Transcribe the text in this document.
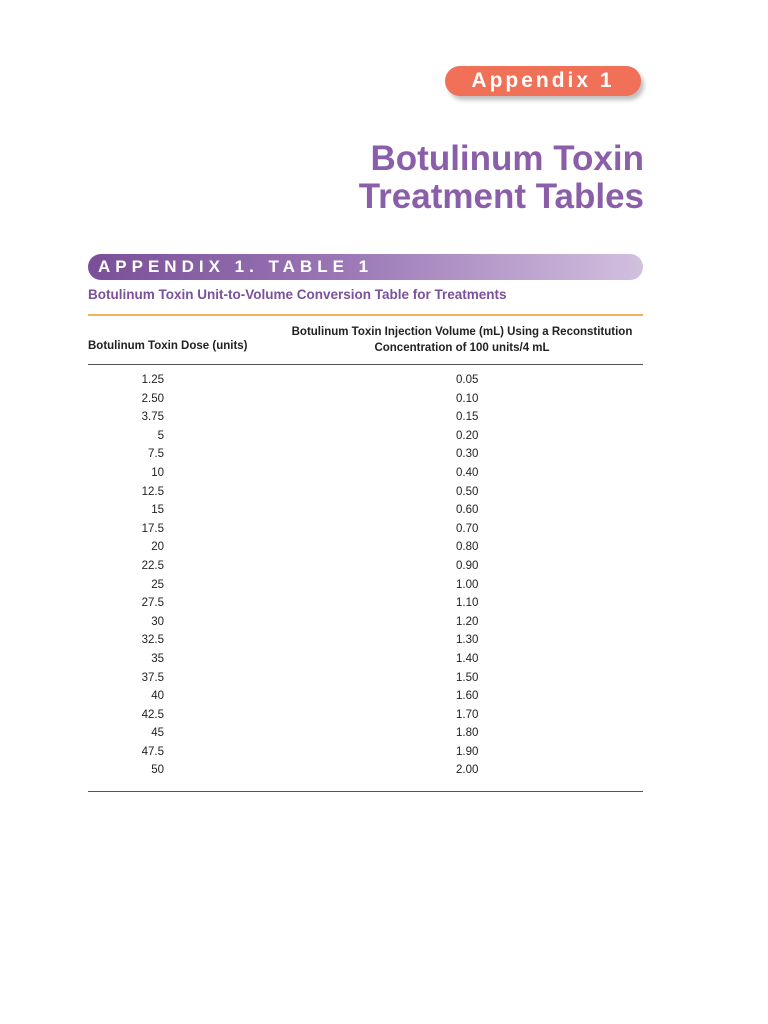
Appendix 1
Botulinum Toxin
Treatment Tables
APPENDIX 1. TABLE 1
Botulinum Toxin Unit-to-Volume Conversion Table for Treatments
Botulinum Toxin Dose (units)
Botulinum Toxin Injection Volume (mL) Using a Reconstitution
Concentration of 100 units/4 mL
1.25	0.05
2.50	0.10
3.75	0.15
5	0.20
7.5	0.30
10	0.40
12.5	0.50
15	0.60
17.5	0.70
20	0.80
22.5	0.90
25	1.00
27.5	1.10
30	1.20
32.5	1.30
35	1.40
37.5	1.50
40	1.60
42.5	1.70
45	1.80
47.5	1.90
50	2.00
